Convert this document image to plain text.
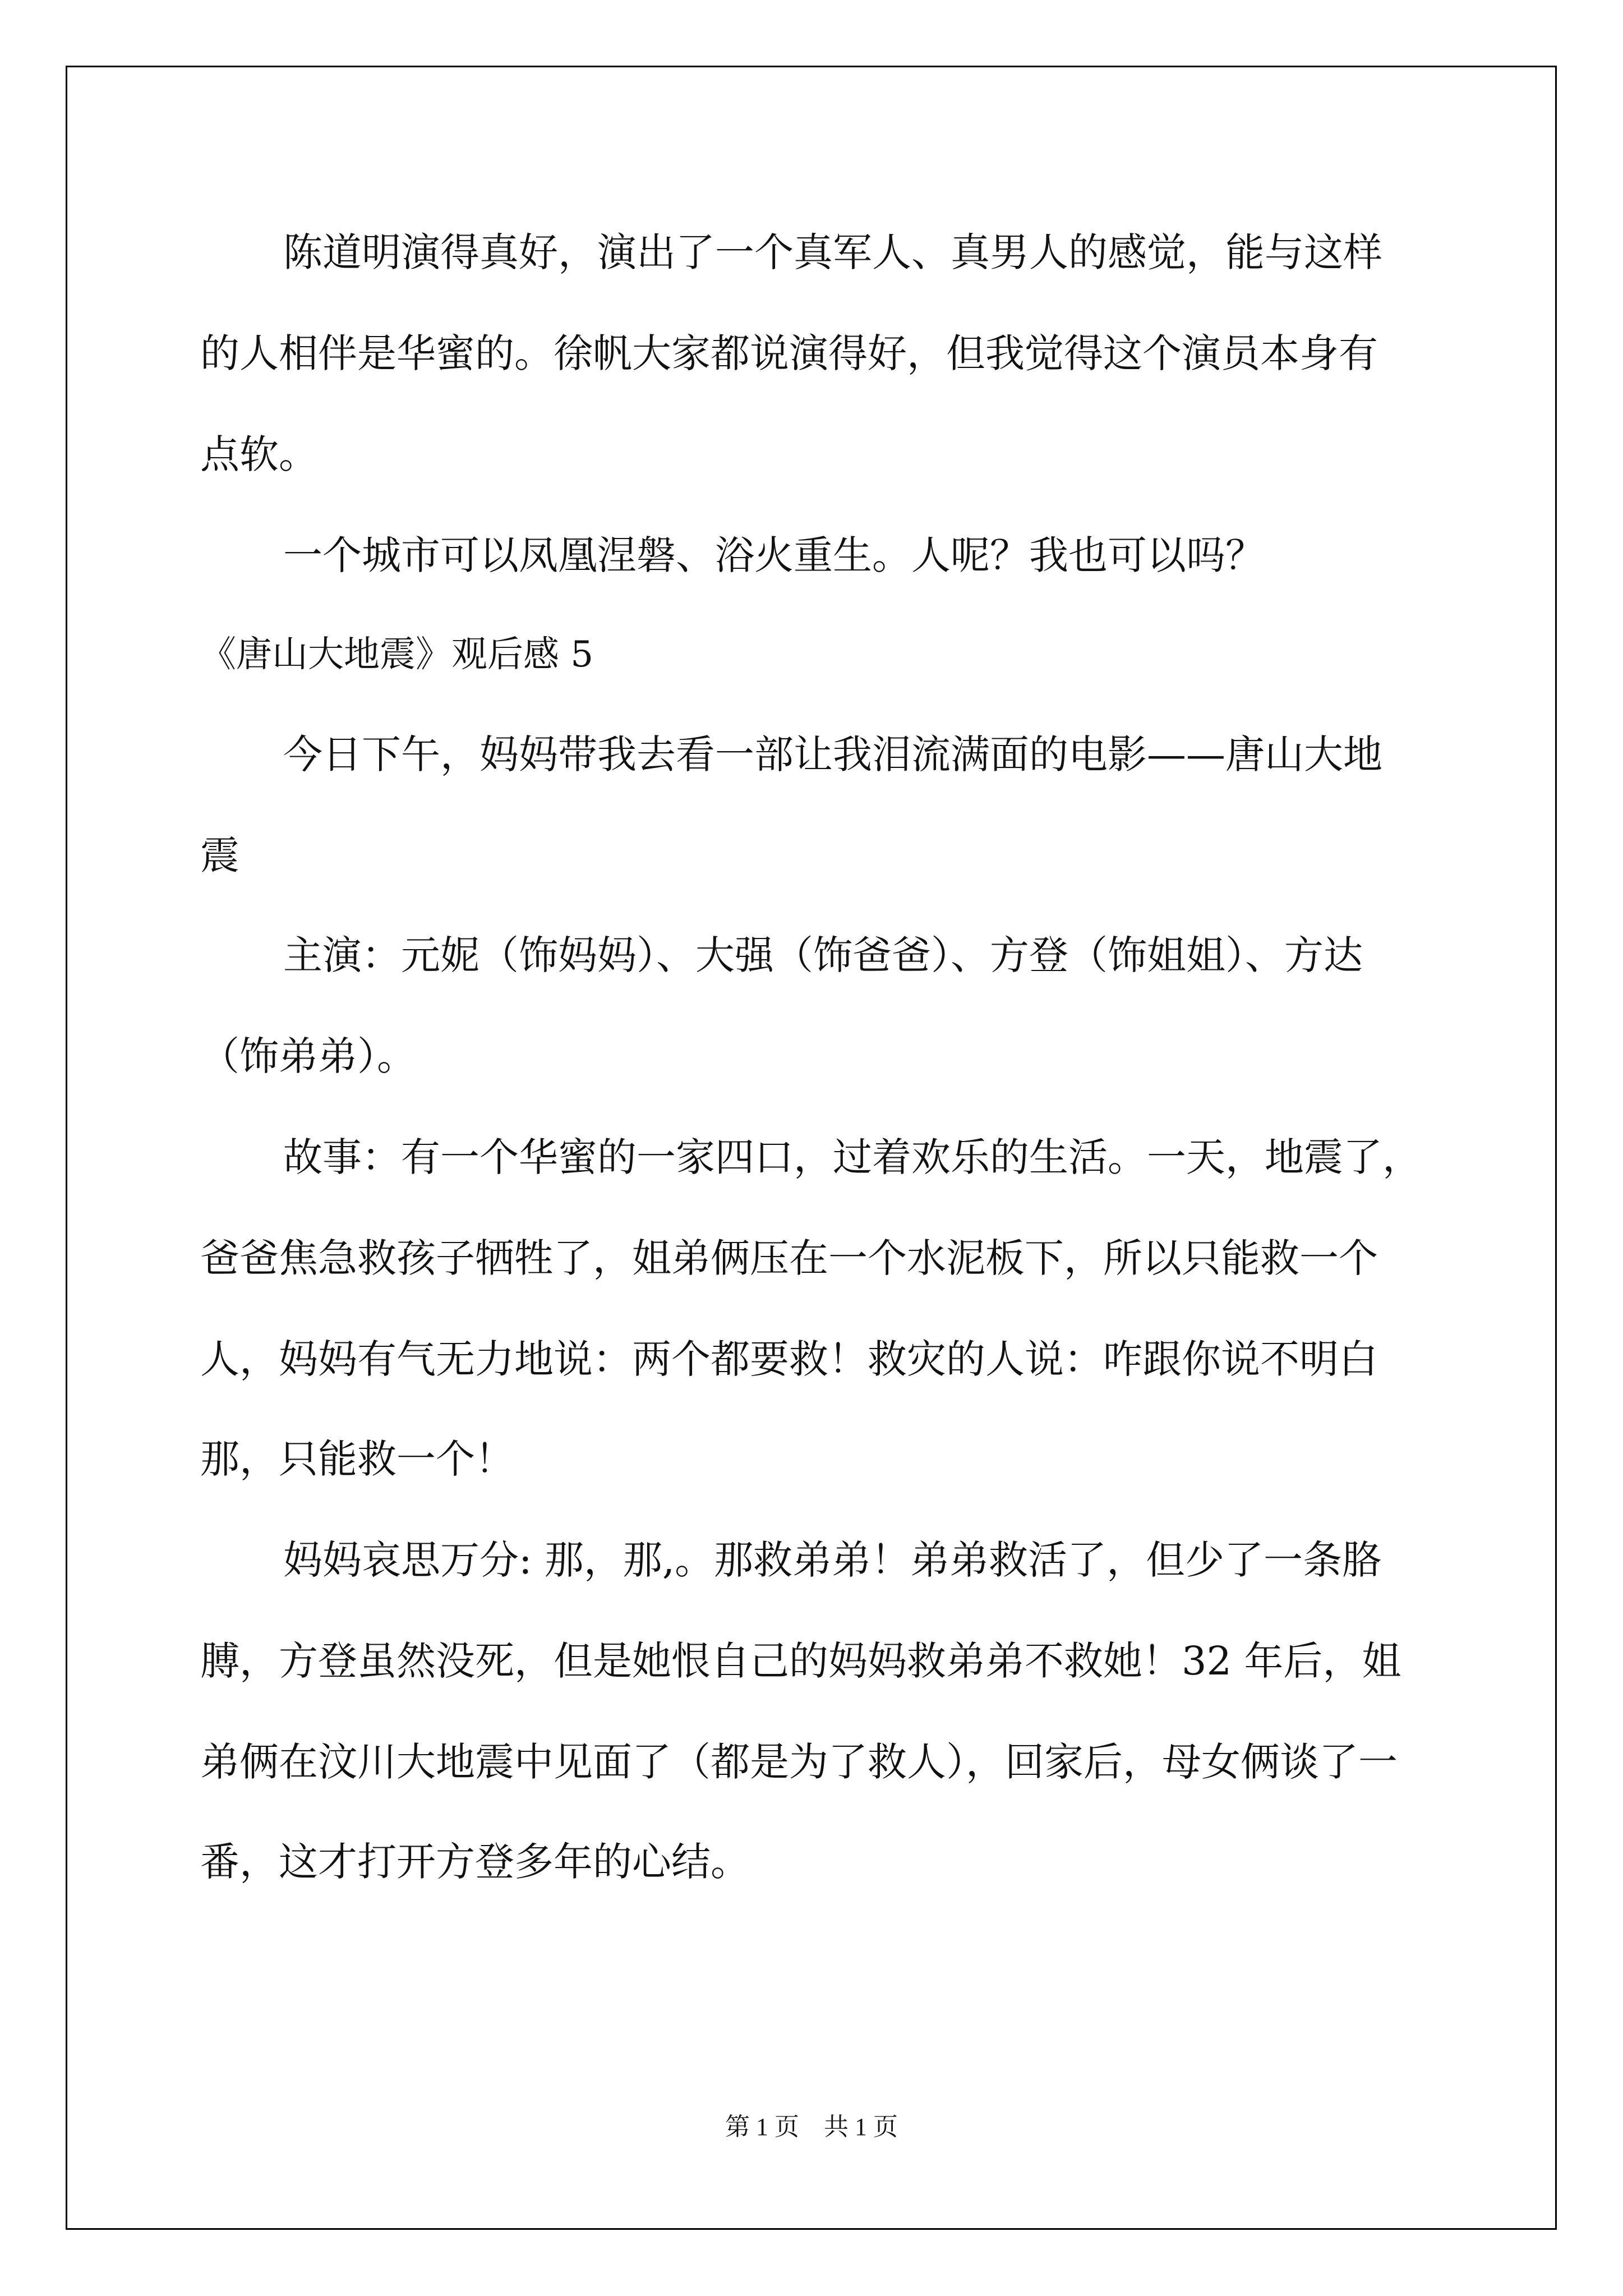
陈道明演得真好，演出了一个真军人、真男人的感觉，能与这样
的人相伴是华蜜的。徐帆大家都说演得好，但我觉得这个演员本身有
点软。
一个城市可以凤凰涅磐、浴火重生。人呢？我也可以吗？
《唐山大地震》观后感 5
今日下午，妈妈带我去看一部让我泪流满面的电影——唐山大地
震
主演：元妮（饰妈妈）、大强（饰爸爸）、方登（饰姐姐）、方达
（饰弟弟）。
故事：有一个华蜜的一家四口，过着欢乐的生活。一天，地震了，
爸爸焦急救孩子牺牲了，姐弟俩压在一个水泥板下，所以只能救一个
人，妈妈有气无力地说：两个都要救！救灾的人说：咋跟你说不明白
那，只能救一个！
妈妈哀思万分: 那，那,。那救弟弟！弟弟救活了，但少了一条胳
膊，方登虽然没死，但是她恨自己的妈妈救弟弟不救她！32 年后，姐
弟俩在汶川大地震中见面了（都是为了救人），回家后，母女俩谈了一
番，这才打开方登多年的心结。
第 1 页    共 1 页
